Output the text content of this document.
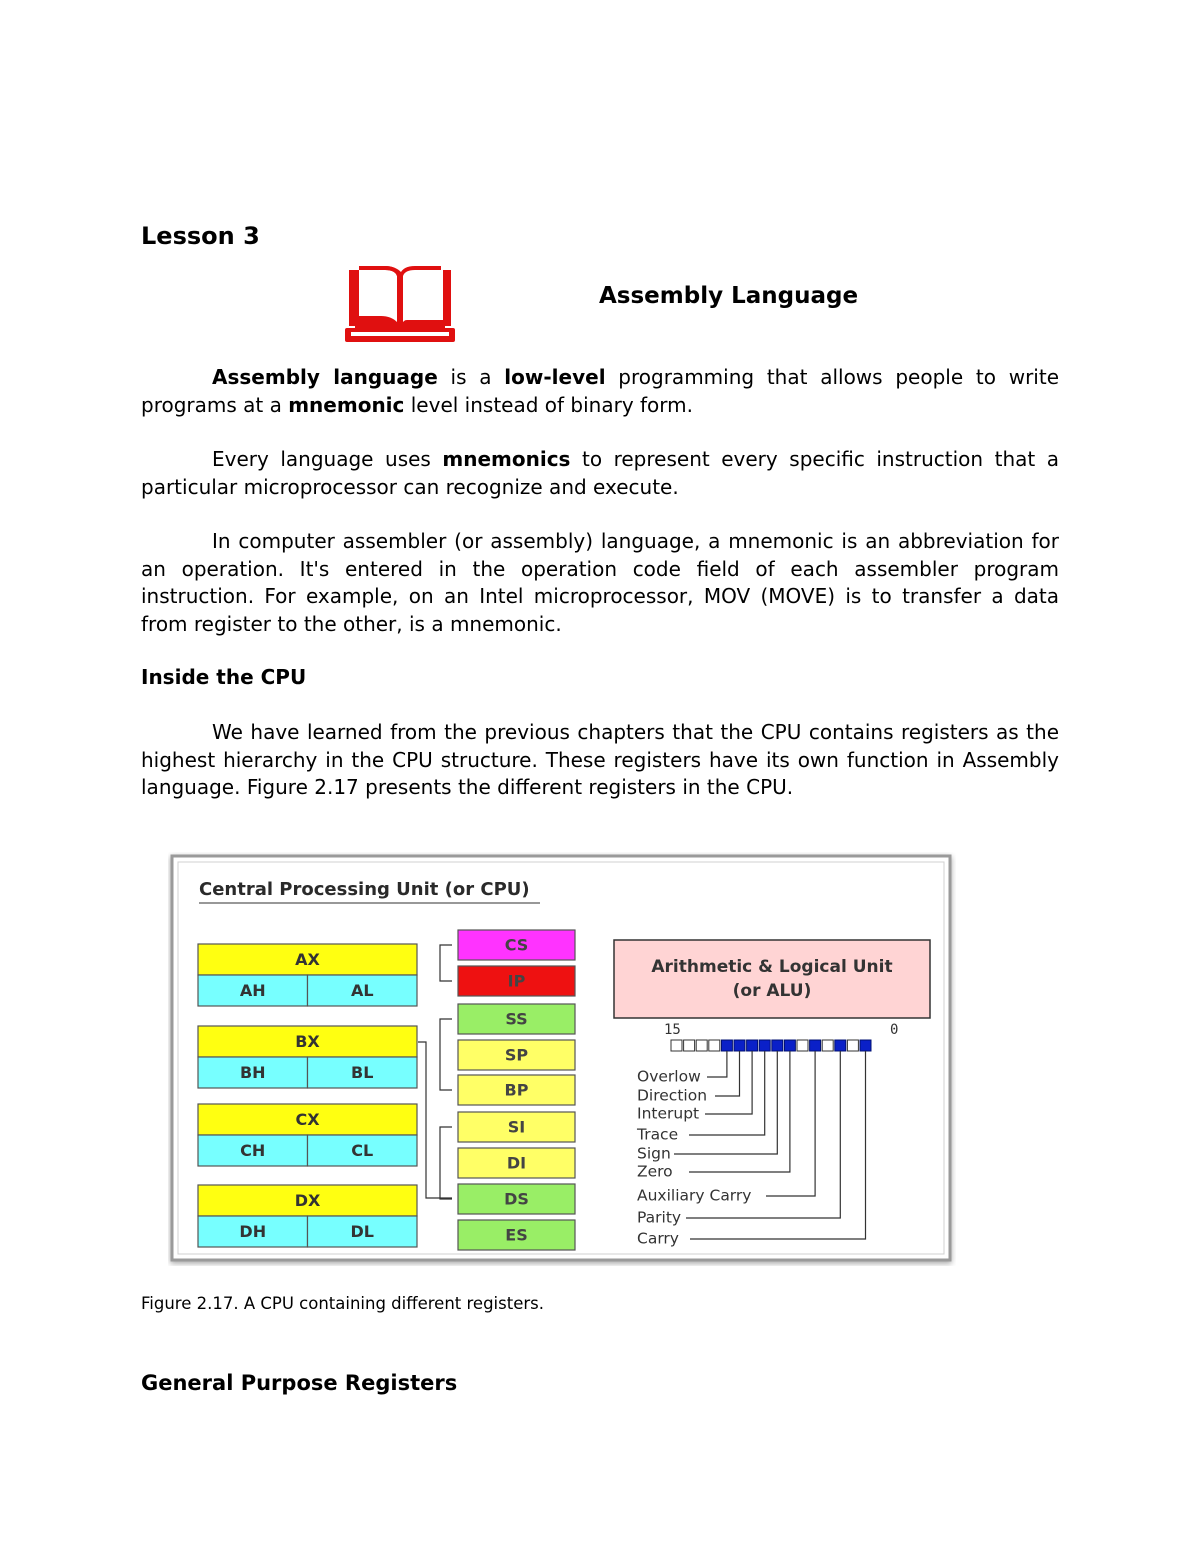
Lesson 3
Assembly Language

Assembly language is a low-level programming that allows people to write programs at a mnemonic level instead of binary form.

Every language uses mnemonics to represent every specific instruction that a particular microprocessor can recognize and execute.

In computer assembler (or assembly) language, a mnemonic is an abbreviation for an operation. It's entered in the operation code field of each assembler program instruction. For example, on an Intel microprocessor, MOV (MOVE) is to transfer a data from register to the other, is a mnemonic.

Inside the CPU

We have learned from the previous chapters that the CPU contains registers as the highest hierarchy in the CPU structure. These registers have its own function in Assembly language. Figure 2.17 presents the different registers in the CPU.

Central Processing Unit (or CPU)
AX
AH	AL
BX
BH	BL
CX
CH	CL
DX
DH	DL
CS
IP
SS
SP
BP
SI
DI
DS
ES
Arithmetic & Logical Unit
(or ALU)
15	0
Overlow
Direction
Interupt
Trace
Sign
Zero
Auxiliary Carry
Parity
Carry
Figure 2.17. A CPU containing different registers.
General Purpose Registers
